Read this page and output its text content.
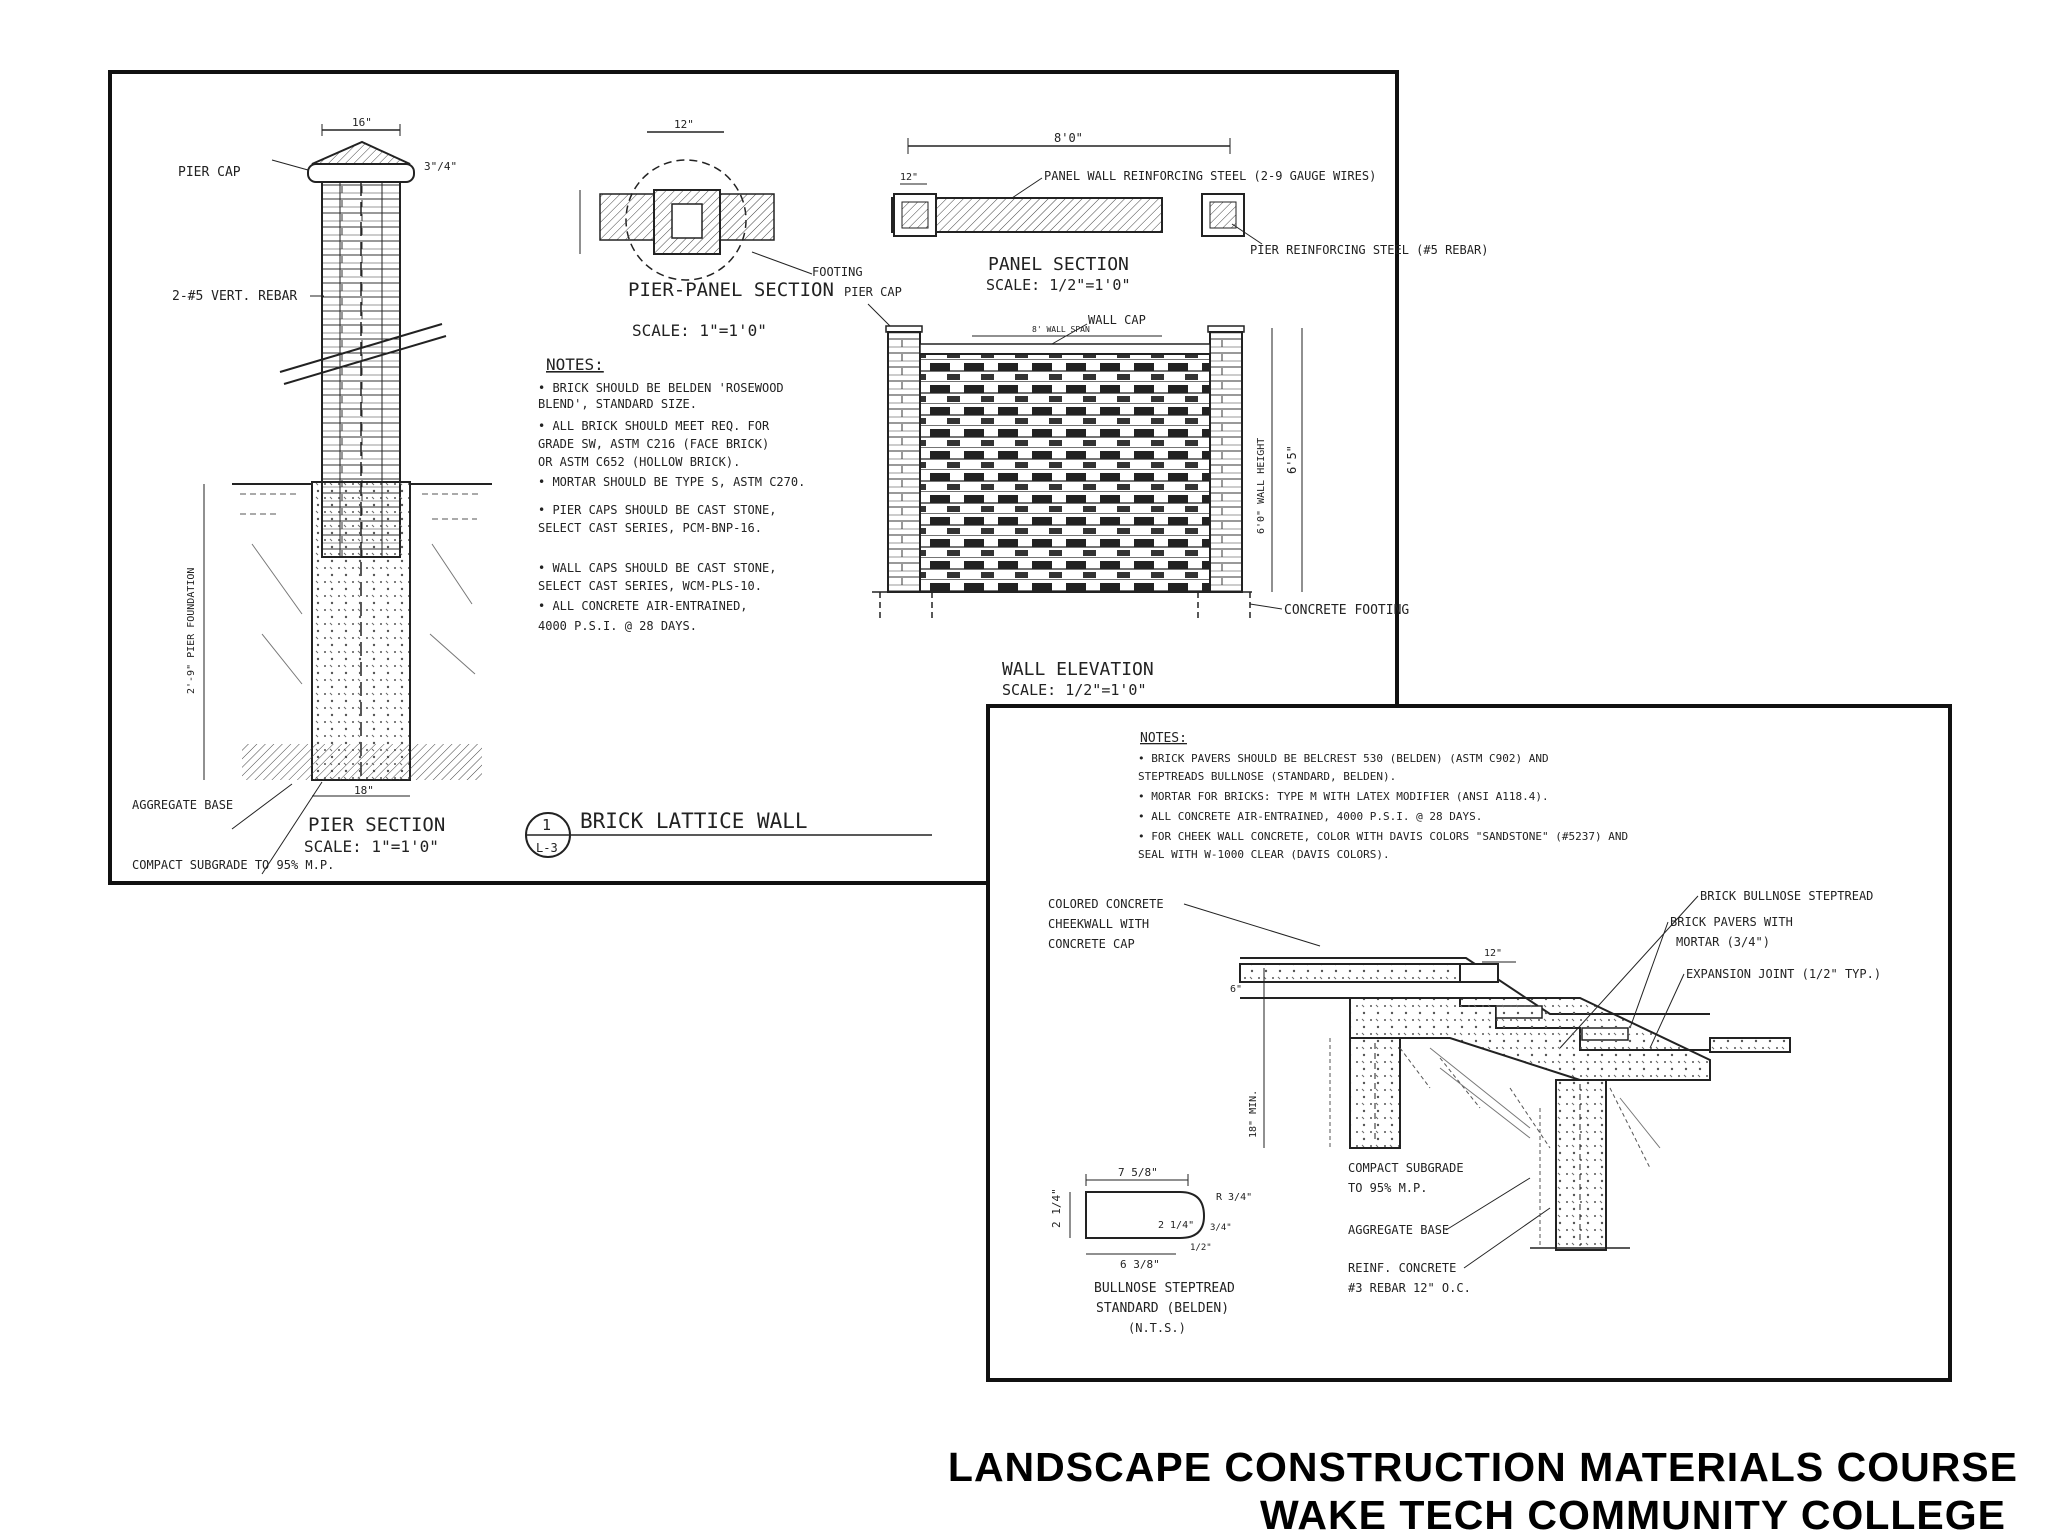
16"
3"/4"
PIER CAP
2-#5 VERT. REBAR
2'-9" PIER FOUNDATION
18"
AGGREGATE BASE
COMPACT SUBGRADE TO 95% M.P.
PIER SECTION
SCALE: 1"=1'0"
12"
FOOTING
PIER-PANEL SECTION
SCALE: 1"=1'0"
NOTES:
• BRICK SHOULD BE BELDEN 'ROSEWOOD
BLEND', STANDARD SIZE.
• ALL BRICK SHOULD MEET REQ. FOR
GRADE SW, ASTM C216 (FACE BRICK)
OR ASTM C652 (HOLLOW BRICK).
• MORTAR SHOULD BE TYPE S, ASTM C270.
• PIER CAPS SHOULD BE CAST STONE,
SELECT CAST SERIES, PCM-BNP-16.
• WALL CAPS SHOULD BE CAST STONE,
SELECT CAST SERIES, WCM-PLS-10.
• ALL CONCRETE AIR-ENTRAINED,
4000 P.S.I. @ 28 DAYS.
8'0"
12"	PANEL WALL REINFORCING STEEL (2-9 GAUGE WIRES)
PIER REINFORCING STEEL (#5 REBAR)
PANEL SECTION
SCALE: 1/2"=1'0"
PIER CAP
WALL CAP
8' WALL SPAN
6'0" WALL HEIGHT 6'5"
CONCRETE FOOTING
WALL ELEVATION
SCALE: 1/2"=1'0"
1
L-3
BRICK LATTICE WALL
NOTES:
• BRICK PAVERS SHOULD BE BELCREST 530 (BELDEN) (ASTM C902) AND
STEPTREADS BULLNOSE (STANDARD, BELDEN).
• MORTAR FOR BRICKS: TYPE M WITH LATEX MODIFIER (ANSI A118.4).
• ALL CONCRETE AIR-ENTRAINED, 4000 P.S.I. @ 28 DAYS.
• FOR CHEEK WALL CONCRETE, COLOR WITH DAVIS COLORS "SANDSTONE" (#5237) AND
SEAL WITH W-1000 CLEAR (DAVIS COLORS).
COLORED CONCRETE
CHEEKWALL WITH
CONCRETE CAP
BRICK BULLNOSE STEPTREAD
BRICK PAVERS WITH
MORTAR (3/4")
EXPANSION JOINT (1/2" TYP.)
COMPACT SUBGRADE
TO 95% M.P.
AGGREGATE BASE
REINF. CONCRETE
#3 REBAR 12" O.C.
12"
6"
18" MIN.
7 5/8"
2 1/4"	R 3/4"
2 1/4" 3/4"
1/2"
6 3/8"
BULLNOSE STEPTREAD
STANDARD (BELDEN)
(N.T.S.)
LANDSCAPE CONSTRUCTION MATERIALS COURSE
WAKE TECH COMMUNITY COLLEGE
